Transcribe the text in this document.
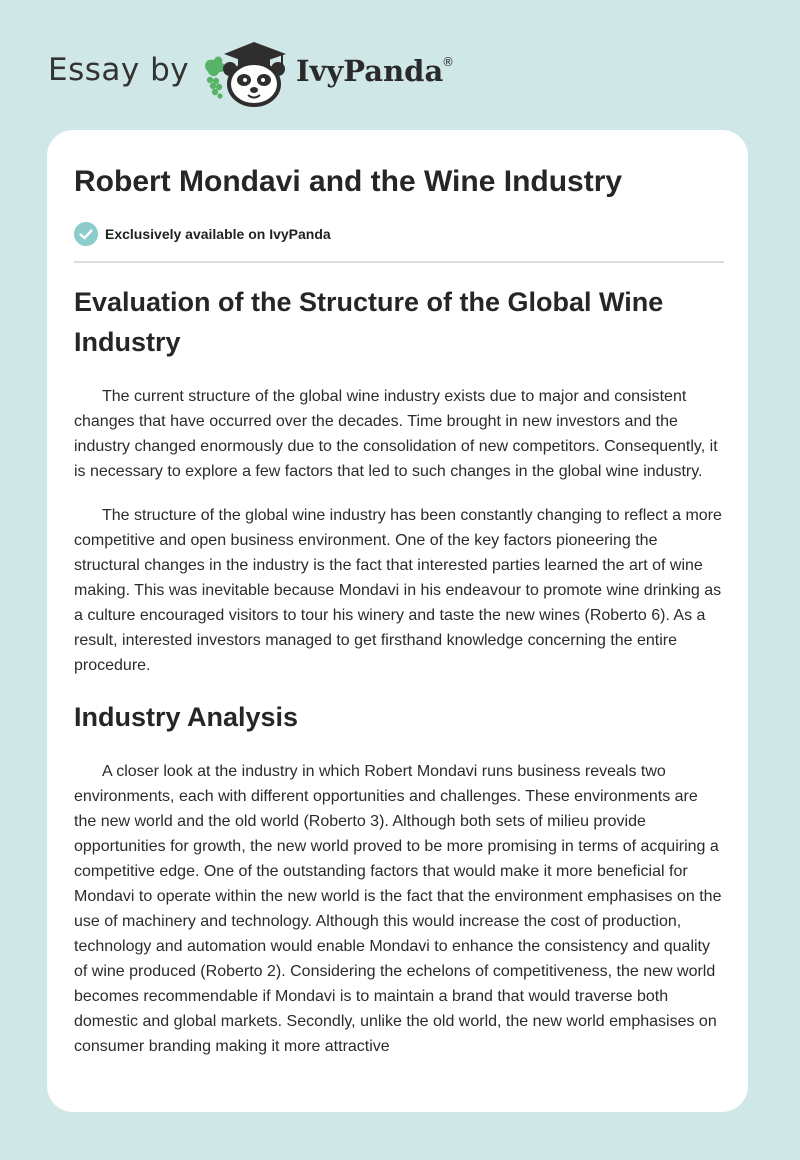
Essay by	IvyPanda
®
Robert Mondavi and the Wine Industry
Exclusively available on IvyPanda
Evaluation of the Structure of the Global Wine Industry

The current structure of the global wine industry exists due to major and consistent changes that have occurred over the decades. Time brought in new investors and the industry changed enormously due to the consolidation of new competitors. Consequently, it is necessary to explore a few factors that led to such changes in the global wine industry.

The structure of the global wine industry has been constantly changing to reflect a more competitive and open business environment. One of the key factors pioneering the structural changes in the industry is the fact that interested parties learned the art of wine making. This was inevitable because Mondavi in his endeavour to promote wine drinking as a culture encouraged visitors to tour his winery and taste the new wines (Roberto 6). As a result, interested investors managed to get firsthand knowledge concerning the entire procedure.

Industry Analysis

A closer look at the industry in which Robert Mondavi runs business reveals two environments, each with different opportunities and challenges. These environments are the new world and the old world (Roberto 3). Although both sets of milieu provide opportunities for growth, the new world proved to be more promising in terms of acquiring a competitive edge. One of the outstanding factors that would make it more beneficial for Mondavi to operate within the new world is the fact that the environment emphasises on the use of machinery and technology. Although this would increase the cost of production, technology and automation would enable Mondavi to enhance the consistency and quality of wine produced (Roberto 2). Considering the echelons of competitiveness, the new world becomes recommendable if Mondavi is to maintain a brand that would traverse both domestic and global markets. Secondly, unlike the old world, the new world emphasises on consumer branding making it more attractive
